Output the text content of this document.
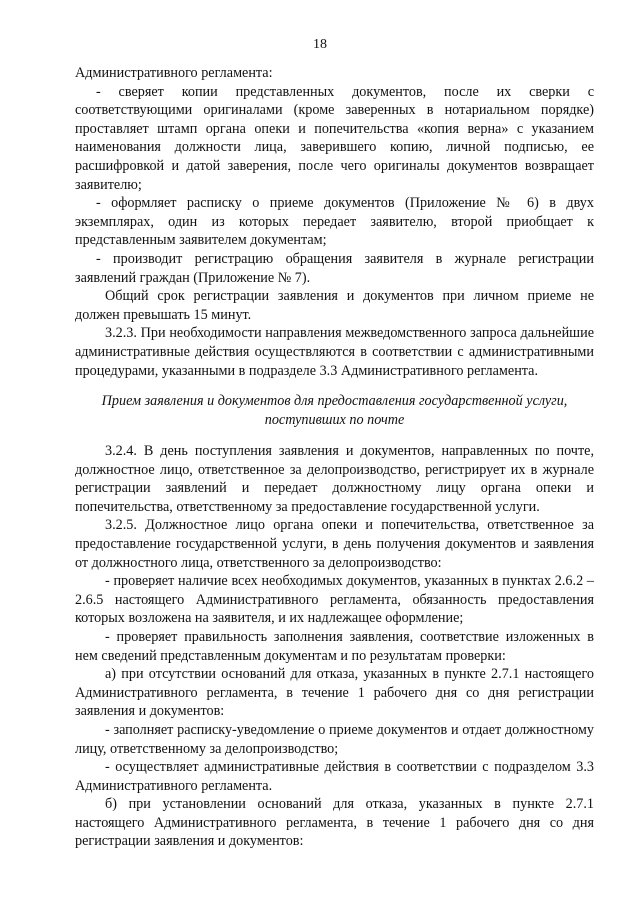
18

Административного регламента:

- сверяет копии представленных документов, после их сверки с соответствующими оригиналами (кроме заверенных в нотариальном порядке) проставляет штамп органа опеки и попечительства «копия верна» с указанием наименования должности лица, заверившего копию, личной подписью, ее расшифровкой и датой заверения, после чего оригиналы документов возвращает заявителю;

- оформляет расписку о приеме документов (Приложение № 6) в двух экземплярах, один из которых передает заявителю, второй приобщает к представленным заявителем документам;

- производит регистрацию обращения заявителя в журнале регистрации заявлений граждан (Приложение № 7).

Общий срок регистрации заявления и документов при личном приеме не должен превышать 15 минут.

3.2.3. При необходимости направления межведомственного запроса дальнейшие административные действия осуществляются в соответствии с административными процедурами, указанными в подразделе 3.3 Административного регламента.

Прием заявления и документов для предоставления государственной услуги, поступивших по почте

3.2.4. В день поступления заявления и документов, направленных по почте, должностное лицо, ответственное за делопроизводство, регистрирует их в журнале регистрации заявлений и передает должностному лицу органа опеки и попечительства, ответственному за предоставление государственной услуги.

3.2.5. Должностное лицо органа опеки и попечительства, ответственное за предоставление государственной услуги, в день получения документов и заявления от должностного лица, ответственного за делопроизводство:

- проверяет наличие всех необходимых документов, указанных в пунктах 2.6.2 – 2.6.5 настоящего Административного регламента, обязанность предоставления которых возложена на заявителя, и их надлежащее оформление;

- проверяет правильность заполнения заявления, соответствие изложенных в нем сведений представленным документам и по результатам проверки:

а) при отсутствии оснований для отказа, указанных в пункте 2.7.1 настоящего Административного регламента, в течение 1 рабочего дня со дня регистрации заявления и документов:

- заполняет расписку-уведомление о приеме документов и отдает должностному лицу, ответственному за делопроизводство;

- осуществляет административные действия в соответствии с подразделом 3.3 Административного регламента.

б) при установлении оснований для отказа, указанных в пункте 2.7.1 настоящего Административного регламента, в течение 1 рабочего дня со дня регистрации заявления и документов:
